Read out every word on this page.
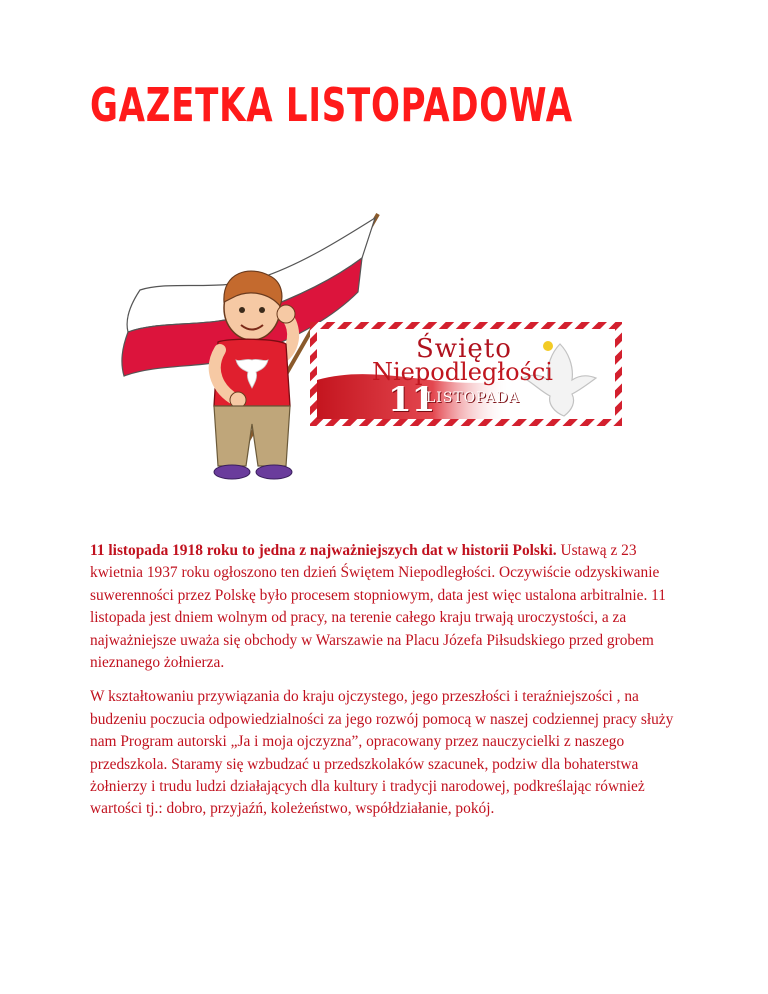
GAZETKA LISTOPADOWA
Święto
Niepodległości
11
LISTOPADA

11 listopada 1918 roku to jedna z najważniejszych dat w historii Polski. Ustawą z 23 kwietnia 1937 roku ogłoszono ten dzień Świętem Niepodległości. Oczywiście odzyskiwanie suwerenności przez Polskę było procesem stopniowym, data jest więc ustalona arbitralnie. 11 listopada jest dniem wolnym od pracy, na terenie całego kraju trwają uroczystości, a za najważniejsze uważa się obchody w Warszawie na Placu Józefa Piłsudskiego przed grobem nieznanego żołnierza.

W kształtowaniu przywiązania do kraju ojczystego, jego przeszłości i teraźniejszości , na budzeniu poczucia odpowiedzialności za jego rozwój pomocą w naszej codziennej pracy służy nam Program autorski „Ja i moja ojczyzna”, opracowany przez nauczycielki z naszego przedszkola. Staramy się wzbudzać u przedszkolaków szacunek, podziw dla bohaterstwa żołnierzy i trudu ludzi działających dla kultury i tradycji narodowej, podkreślając również wartości tj.: dobro, przyjaźń, koleżeństwo, współdziałanie, pokój.
